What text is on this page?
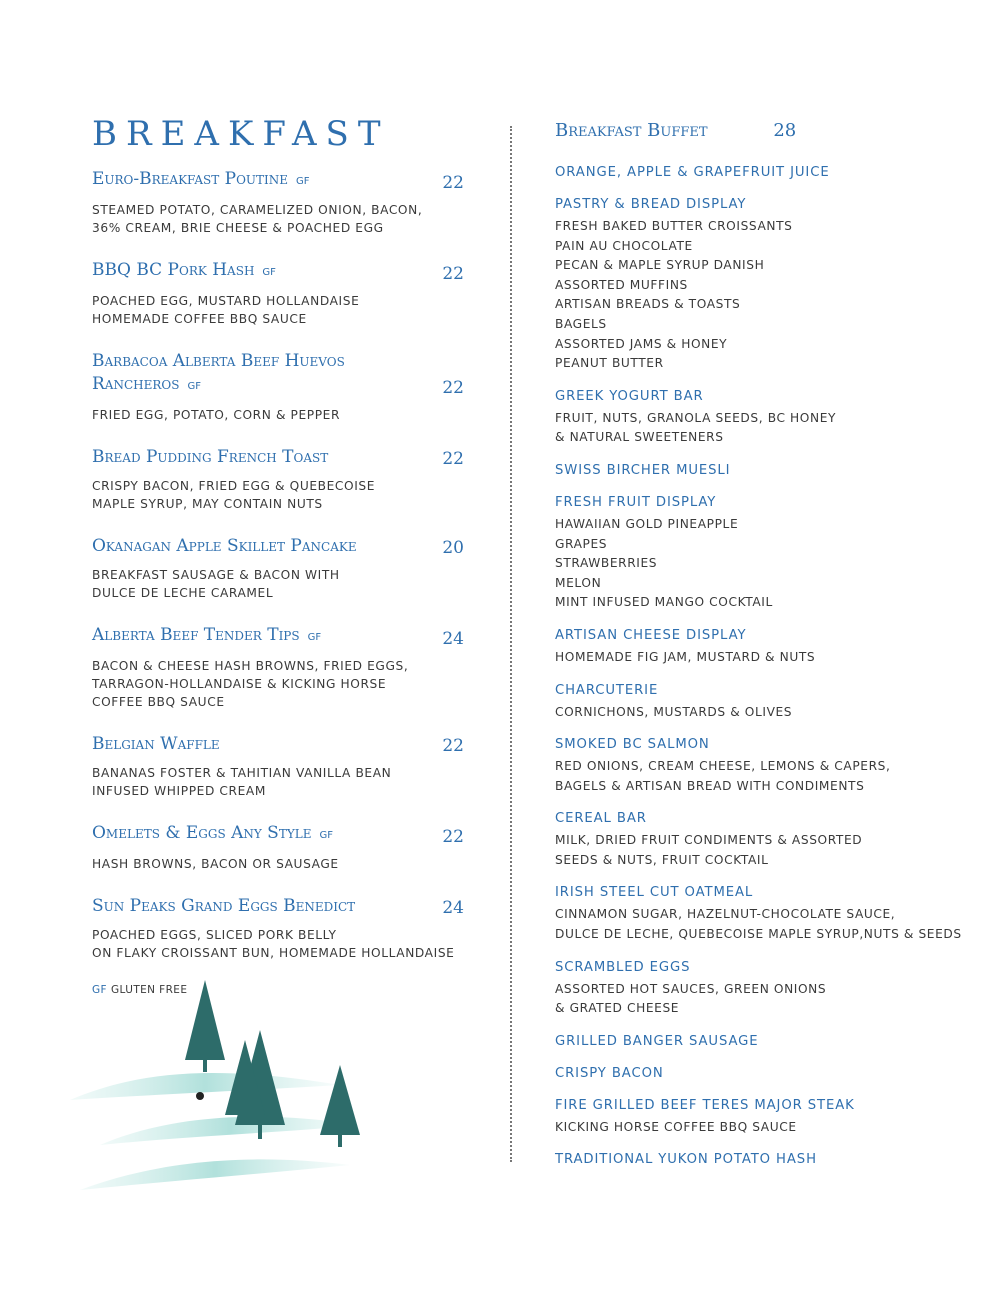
BREAKFAST
Euro-Breakfast Poutine GF	22
STEAMED POTATO, CARAMELIZED ONION, BACON,
36% CREAM, BRIE CHEESE & POACHED EGG
BBQ BC Pork Hash GF	22
POACHED EGG, MUSTARD HOLLANDAISE
HOMEMADE COFFEE BBQ SAUCE
Barbacoa Alberta Beef Huevos Rancheros GF	22
FRIED EGG, POTATO, CORN & PEPPER
Bread Pudding French Toast	22
CRISPY BACON, FRIED EGG & QUEBECOISE
MAPLE SYRUP, MAY CONTAIN NUTS
Okanagan Apple Skillet Pancake	20
BREAKFAST SAUSAGE & BACON WITH
DULCE DE LECHE CARAMEL
Alberta Beef Tender Tips GF	24
BACON & CHEESE HASH BROWNS, FRIED EGGS,
TARRAGON-HOLLANDAISE & KICKING HORSE
COFFEE BBQ SAUCE
Belgian Waffle	22
BANANAS FOSTER & TAHITIAN VANILLA BEAN
INFUSED WHIPPED CREAM
Omelets & Eggs Any Style GF	22
HASH BROWNS, BACON OR SAUSAGE
Sun Peaks Grand Eggs Benedict	24
POACHED EGGS, SLICED PORK BELLY
ON FLAKY CROISSANT BUN, HOMEMADE HOLLANDAISE
GF GLUTEN FREE
Breakfast Buffet	28
ORANGE, APPLE & GRAPEFRUIT JUICE
PASTRY & BREAD DISPLAY
FRESH BAKED BUTTER CROISSANTS
PAIN AU CHOCOLATE
PECAN & MAPLE SYRUP DANISH
ASSORTED MUFFINS
ARTISAN BREADS & TOASTS
BAGELS
ASSORTED JAMS & HONEY
PEANUT BUTTER
GREEK YOGURT BAR
FRUIT, NUTS, GRANOLA SEEDS, BC HONEY
& NATURAL SWEETENERS
SWISS BIRCHER MUESLI
FRESH FRUIT DISPLAY
HAWAIIAN GOLD PINEAPPLE
GRAPES
STRAWBERRIES
MELON
MINT INFUSED MANGO COCKTAIL
ARTISAN CHEESE DISPLAY
HOMEMADE FIG JAM, MUSTARD & NUTS
CHARCUTERIE
CORNICHONS, MUSTARDS & OLIVES
SMOKED BC SALMON
RED ONIONS, CREAM CHEESE, LEMONS & CAPERS,
BAGELS & ARTISAN BREAD WITH CONDIMENTS
CEREAL BAR
MILK, DRIED FRUIT CONDIMENTS & ASSORTED
SEEDS & NUTS, FRUIT COCKTAIL
IRISH STEEL CUT OATMEAL
CINNAMON SUGAR, HAZELNUT-CHOCOLATE SAUCE,
DULCE DE LECHE, QUEBECOISE MAPLE SYRUP,NUTS & SEEDS
SCRAMBLED EGGS
ASSORTED HOT SAUCES, GREEN ONIONS
& GRATED CHEESE
GRILLED BANGER SAUSAGE
CRISPY BACON
FIRE GRILLED BEEF TERES MAJOR STEAK
KICKING HORSE COFFEE BBQ SAUCE
TRADITIONAL YUKON POTATO HASH
